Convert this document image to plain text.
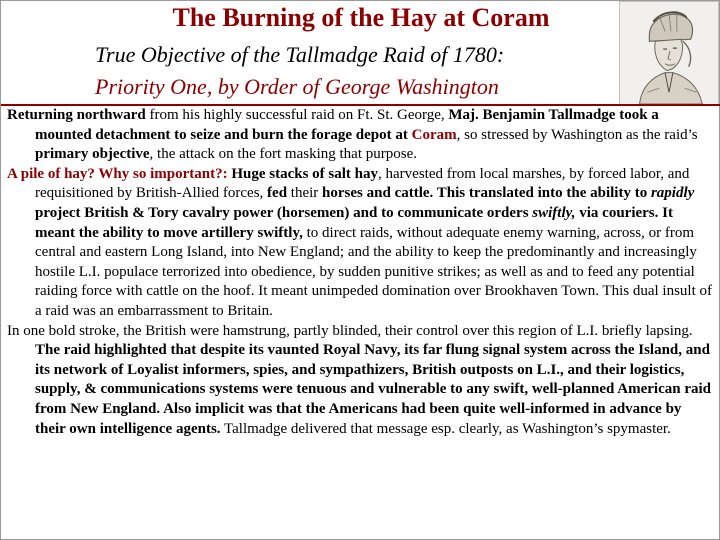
The Burning of the Hay at Coram

True Objective of the Tallmadge Raid of 1780:

Priority One, by Order of George Washington

Returning northward from his highly successful raid on Ft. St. George, Maj. Benjamin Tallmadge took a mounted detachment to seize and burn the forage depot at Coram, so stressed by Washington as the raid’s primary objective, the attack on the fort masking that purpose.

A pile of hay? Why so important?: Huge stacks of salt hay, harvested from local marshes, by forced labor, and requisitioned by British-Allied forces, fed their horses and cattle. This translated into the ability to rapidly project British & Tory cavalry power (horsemen) and to communicate orders swiftly, via couriers. It meant the ability to move artillery swiftly, to direct raids, without adequate enemy warning, across, or from central and eastern Long Island, into New England; and the ability to keep the predominantly and increasingly hostile L.I. populace terrorized into obedience, by sudden punitive strikes; as well as and to feed any potential raiding force with cattle on the hoof. It meant unimpeded domination over Brookhaven Town. This dual insult of a raid was an embarrassment to Britain.

In one bold stroke, the British were hamstrung, partly blinded, their control over this region of L.I. briefly lapsing. The raid highlighted that despite its vaunted Royal Navy, its far flung signal system across the Island, and its network of Loyalist informers, spies, and sympathizers, British outposts on L.I., and their logistics, supply, & communications systems were tenuous and vulnerable to any swift, well-planned American raid from New England. Also implicit was that the Americans had been quite well-informed in advance by their own intelligence agents. Tallmadge delivered that message esp. clearly, as Washington’s spymaster.
